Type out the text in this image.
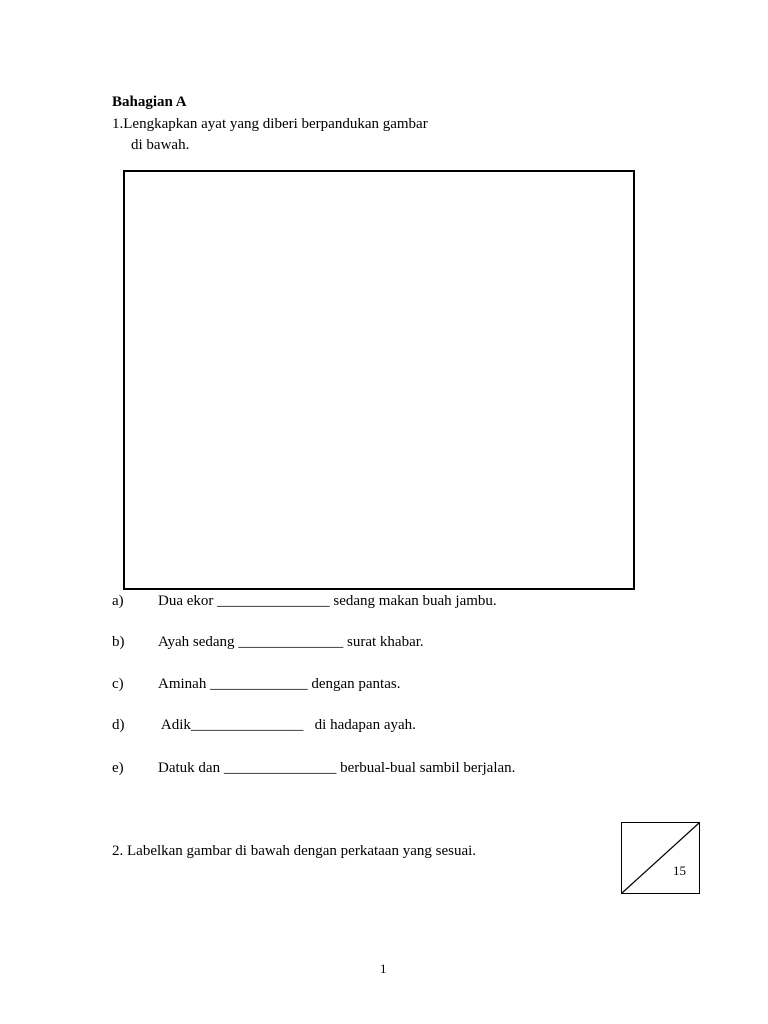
Bahagian A
1.Lengkapkan ayat yang diberi berpandukan gambar
di bawah.
a) Dua ekor _______________ sedang makan buah jambu.
b) Ayah sedang ______________ surat khabar.
c) Aminah _____________ dengan pantas.
d) Adik_______________   di hadapan ayah.
e) Datuk dan _______________ berbual-bual sambil berjalan.
2. Labelkan gambar di bawah dengan perkataan yang sesuai.
15
1
